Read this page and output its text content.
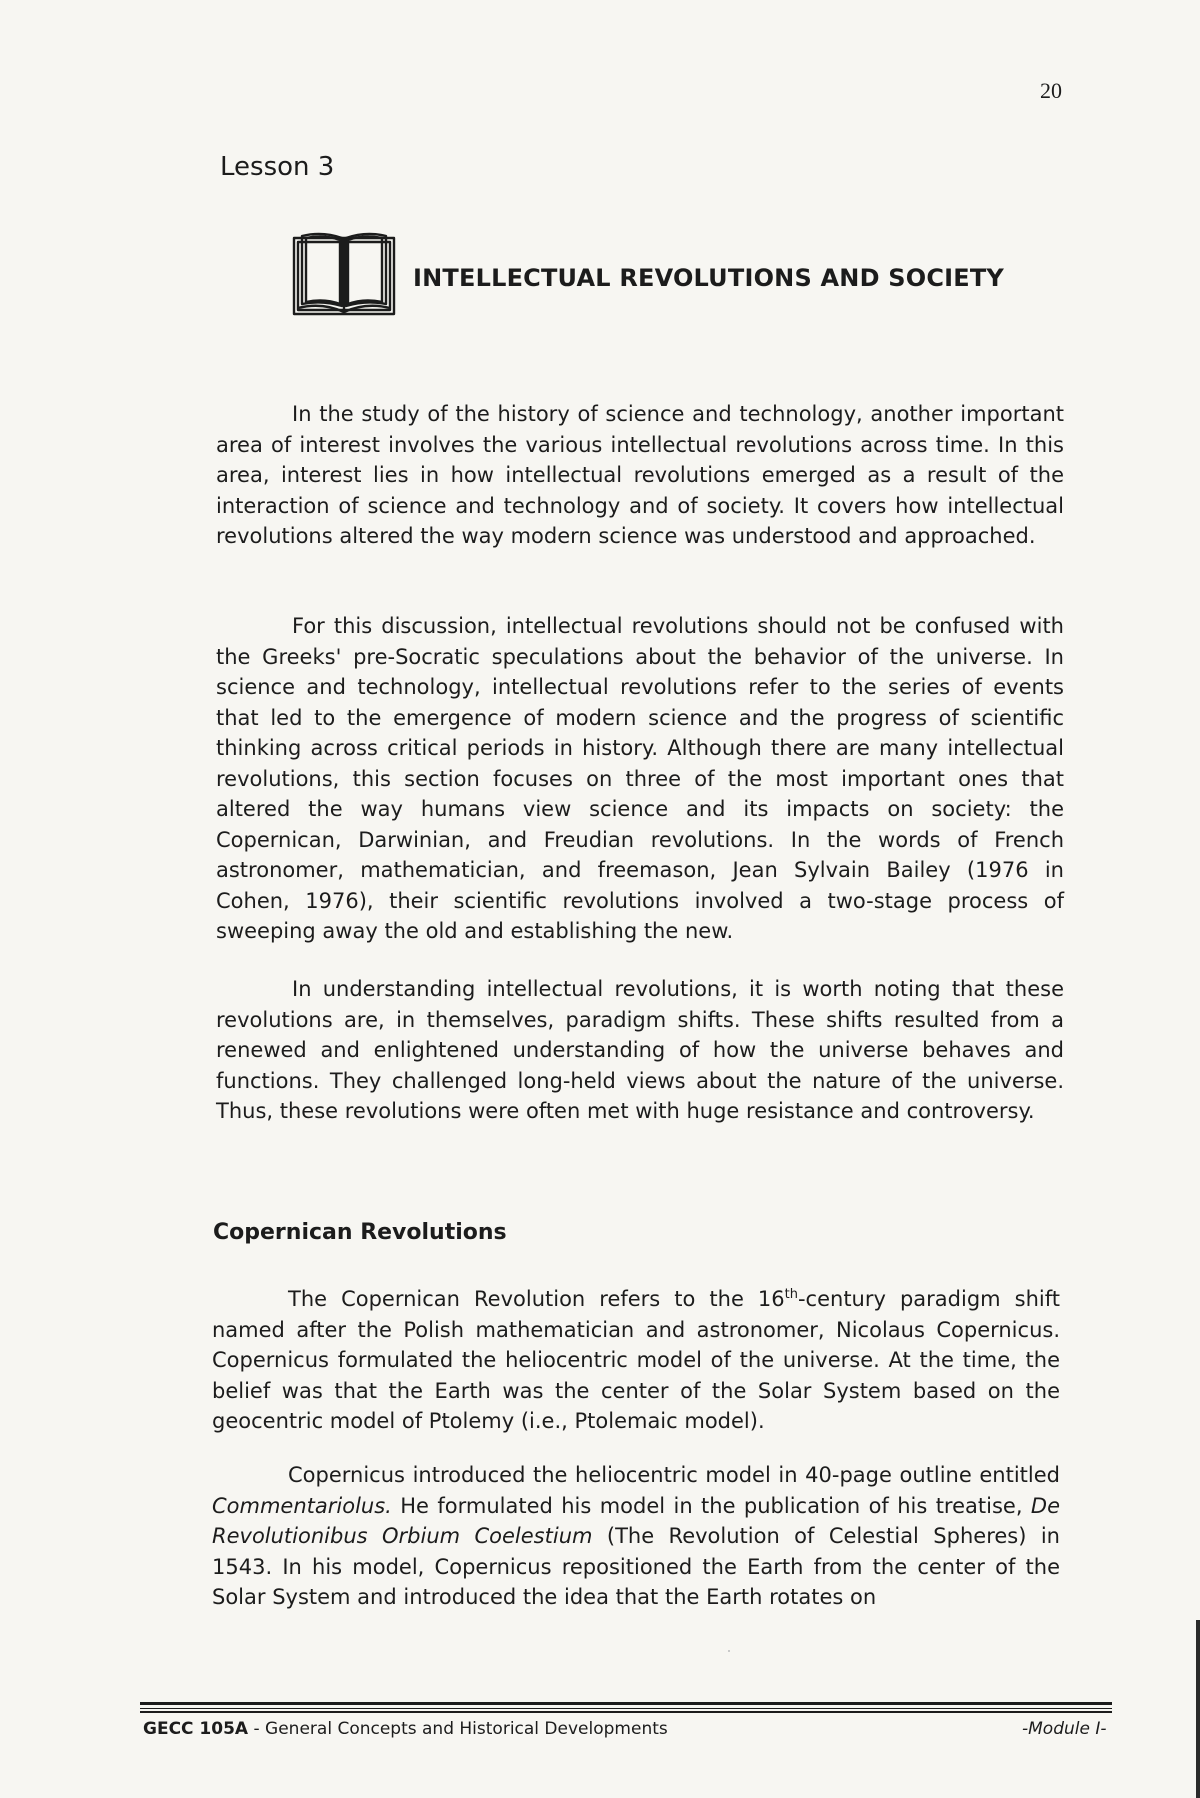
20
Lesson 3
INTELLECTUAL REVOLUTIONS AND SOCIETY

In the study of the history of science and technology, another important area of interest involves the various intellectual revolutions across time. In this area, interest lies in how intellectual revolutions emerged as a result of the interaction of science and technology and of society. It covers how intellectual revolutions altered the way modern science was understood and approached.

For this discussion, intellectual revolutions should not be confused with the Greeks' pre-Socratic speculations about the behavior of the universe. In science and technology, intellectual revolutions refer to the series of events that led to the emergence of modern science and the progress of scientific thinking across critical periods in history. Although there are many intellectual revolutions, this section focuses on three of the most important ones that altered the way humans view science and its impacts on society: the Copernican, Darwinian, and Freudian revolutions. In the words of French astronomer, mathematician, and freemason, Jean Sylvain Bailey (1976 in Cohen, 1976), their scientific revolutions involved a two-stage process of sweeping away the old and establishing the new.

In understanding intellectual revolutions, it is worth noting that these revolutions are, in themselves, paradigm shifts. These shifts resulted from a renewed and enlightened understanding of how the universe behaves and functions. They challenged long-held views about the nature of the universe. Thus, these revolutions were often met with huge resistance and controversy.

Copernican Revolutions

The Copernican Revolution refers to the 16th-century paradigm shift named after the Polish mathematician and astronomer, Nicolaus Copernicus. Copernicus formulated the heliocentric model of the universe. At the time, the belief was that the Earth was the center of the Solar System based on the geocentric model of Ptolemy (i.e., Ptolemaic model).

Copernicus introduced the heliocentric model in 40-page outline entitled Commentariolus. He formulated his model in the publication of his treatise, De Revolutionibus Orbium Coelestium (The Revolution of Celestial Spheres) in 1543. In his model, Copernicus repositioned the Earth from the center of the Solar System and introduced the idea that the Earth rotates on

GECC 105A - General Concepts and Historical Developments	-Module I-
